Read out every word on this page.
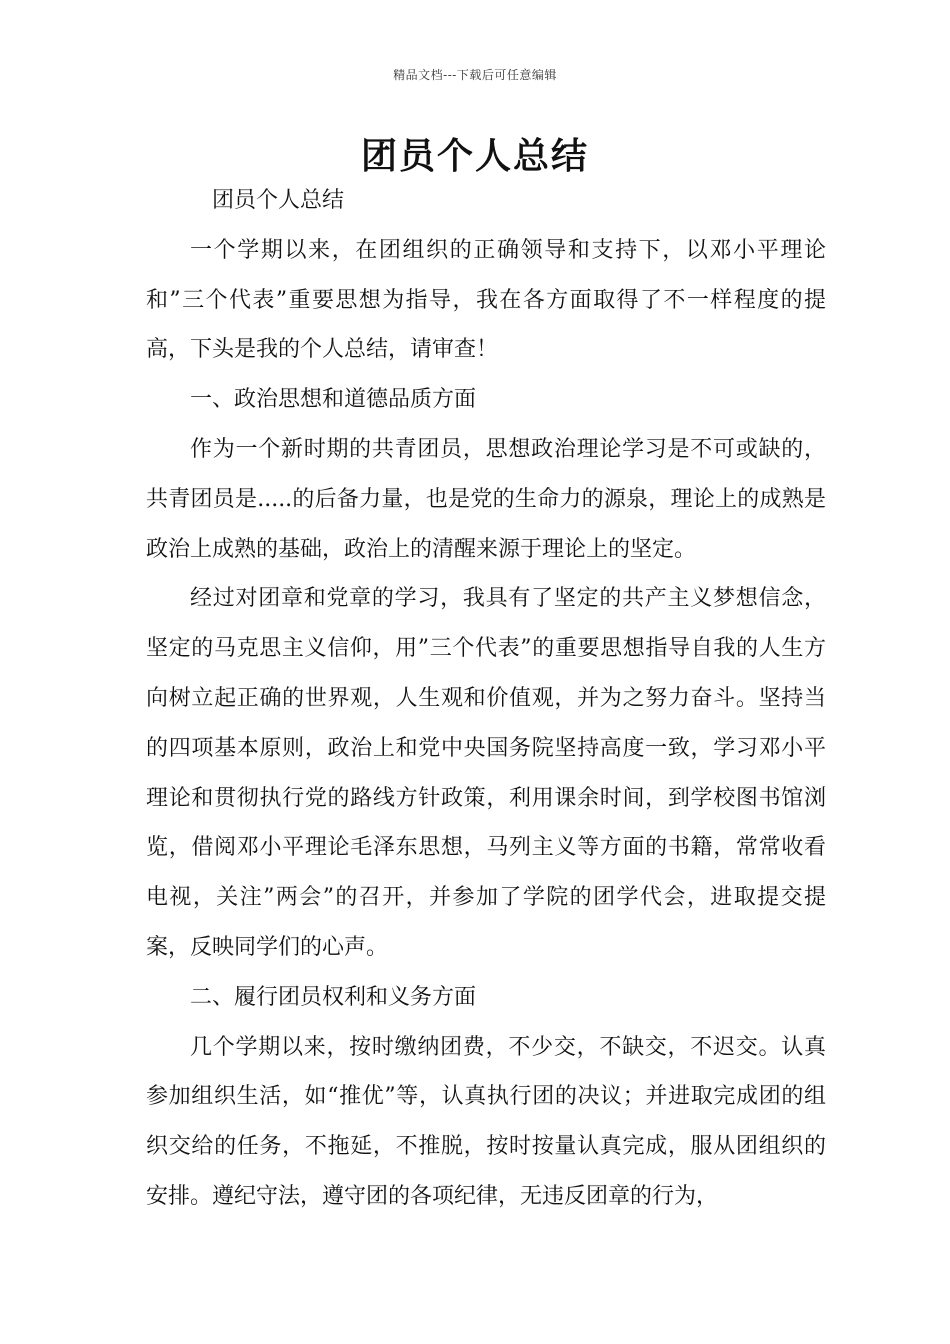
精品文档---下载后可任意编辑
团员个人总结

团员个人总结

一个学期以来，在团组织的正确领导和支持下，以邓小平理论和”三个代表”重要思想为指导，我在各方面取得了不一样程度的提高，下头是我的个人总结，请审查！

一、政治思想和道德品质方面

作为一个新时期的共青团员，思想政治理论学习是不可或缺的，共青团员是.....的后备力量，也是党的生命力的源泉，理论上的成熟是政治上成熟的基础，政治上的清醒来源于理论上的坚定。

经过对团章和党章的学习，我具有了坚定的共产主义梦想信念，坚定的马克思主义信仰，用”三个代表”的重要思想指导自我的人生方向树立起正确的世界观，人生观和价值观，并为之努力奋斗。坚持当的四项基本原则，政治上和党中央国务院坚持高度一致，学习邓小平理论和贯彻执行党的路线方针政策，利用课余时间，到学校图书馆浏览，借阅邓小平理论毛泽东思想，马列主义等方面的书籍，常常收看电视，关注”两会”的召开，并参加了学院的团学代会，进取提交提案，反映同学们的心声。

二、履行团员权利和义务方面

几个学期以来，按时缴纳团费，不少交，不缺交，不迟交。认真参加组织生活，如“推优”等，认真执行团的决议；并进取完成团的组织交给的任务，不拖延，不推脱，按时按量认真完成，服从团组织的安排。遵纪守法，遵守团的各项纪律，无违反团章的行为，
